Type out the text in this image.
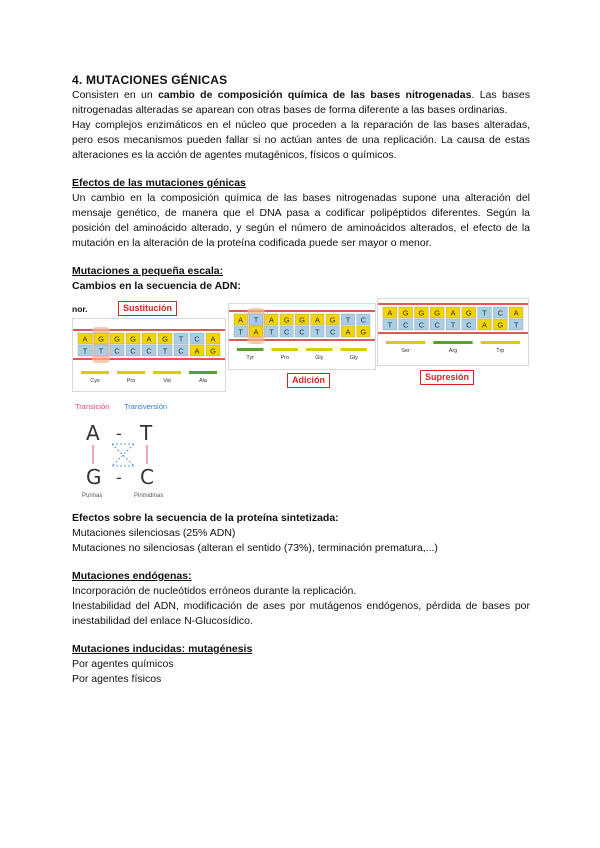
4. MUTACIONES GÉNICAS

Consisten en un cambio de composición química de las bases nitrogenadas. Las bases nitrogenadas alteradas se aparean con otras bases de forma diferente a las bases ordinarias.

Hay complejos enzimáticos en el núcleo que proceden a la reparación de las bases alteradas, pero esos mecanismos pueden fallar si no actúan antes de una replicación. La causa de estas alteraciones es la acción de agentes mutagénicos, físicos o químicos.

Efectos de las mutaciones génicas

Un cambio en la composición química de las bases nitrogenadas supone una alteración del mensaje genético, de manera que el DNA pasa a codificar polipéptidos diferentes. Según la posición del aminoácido alterado, y según el número de aminoácidos alterados, el efecto de la mutación en la alteración de la proteína codificada puede ser mayor o menor.

Mutaciones a pequeña escala:

Cambios en la secuencia de ADN:

nor.
A G G G A G T C A
T T C C C T C A G
Cys	Pro	Val	Ala
Sustitución
A T A G G A G T C
T A T C C T C A G
Tyr	Pro	Gly	Gly
Adición
A G G G A G T C A
T C C C T C A G T
Ser	Arg	Trp
Supresión
Transición Transversión
A - T
G - C
Purinas	Pirimidinas

Efectos sobre la secuencia de la proteína sintetizada:

Mutaciones silenciosas (25% ADN)

Mutaciones no silenciosas (alteran el sentido (73%), terminación prematura,...)

Mutaciones endógenas:

Incorporación de nucleótidos erróneos durante la replicación.

Inestabilidad del ADN, modificación de ases por mutágenos endógenos, pérdida de bases por inestabilidad del enlace N-Glucosídico.

Mutaciones inducidas: mutagénesis

Por agentes químicos

Por agentes físicos
